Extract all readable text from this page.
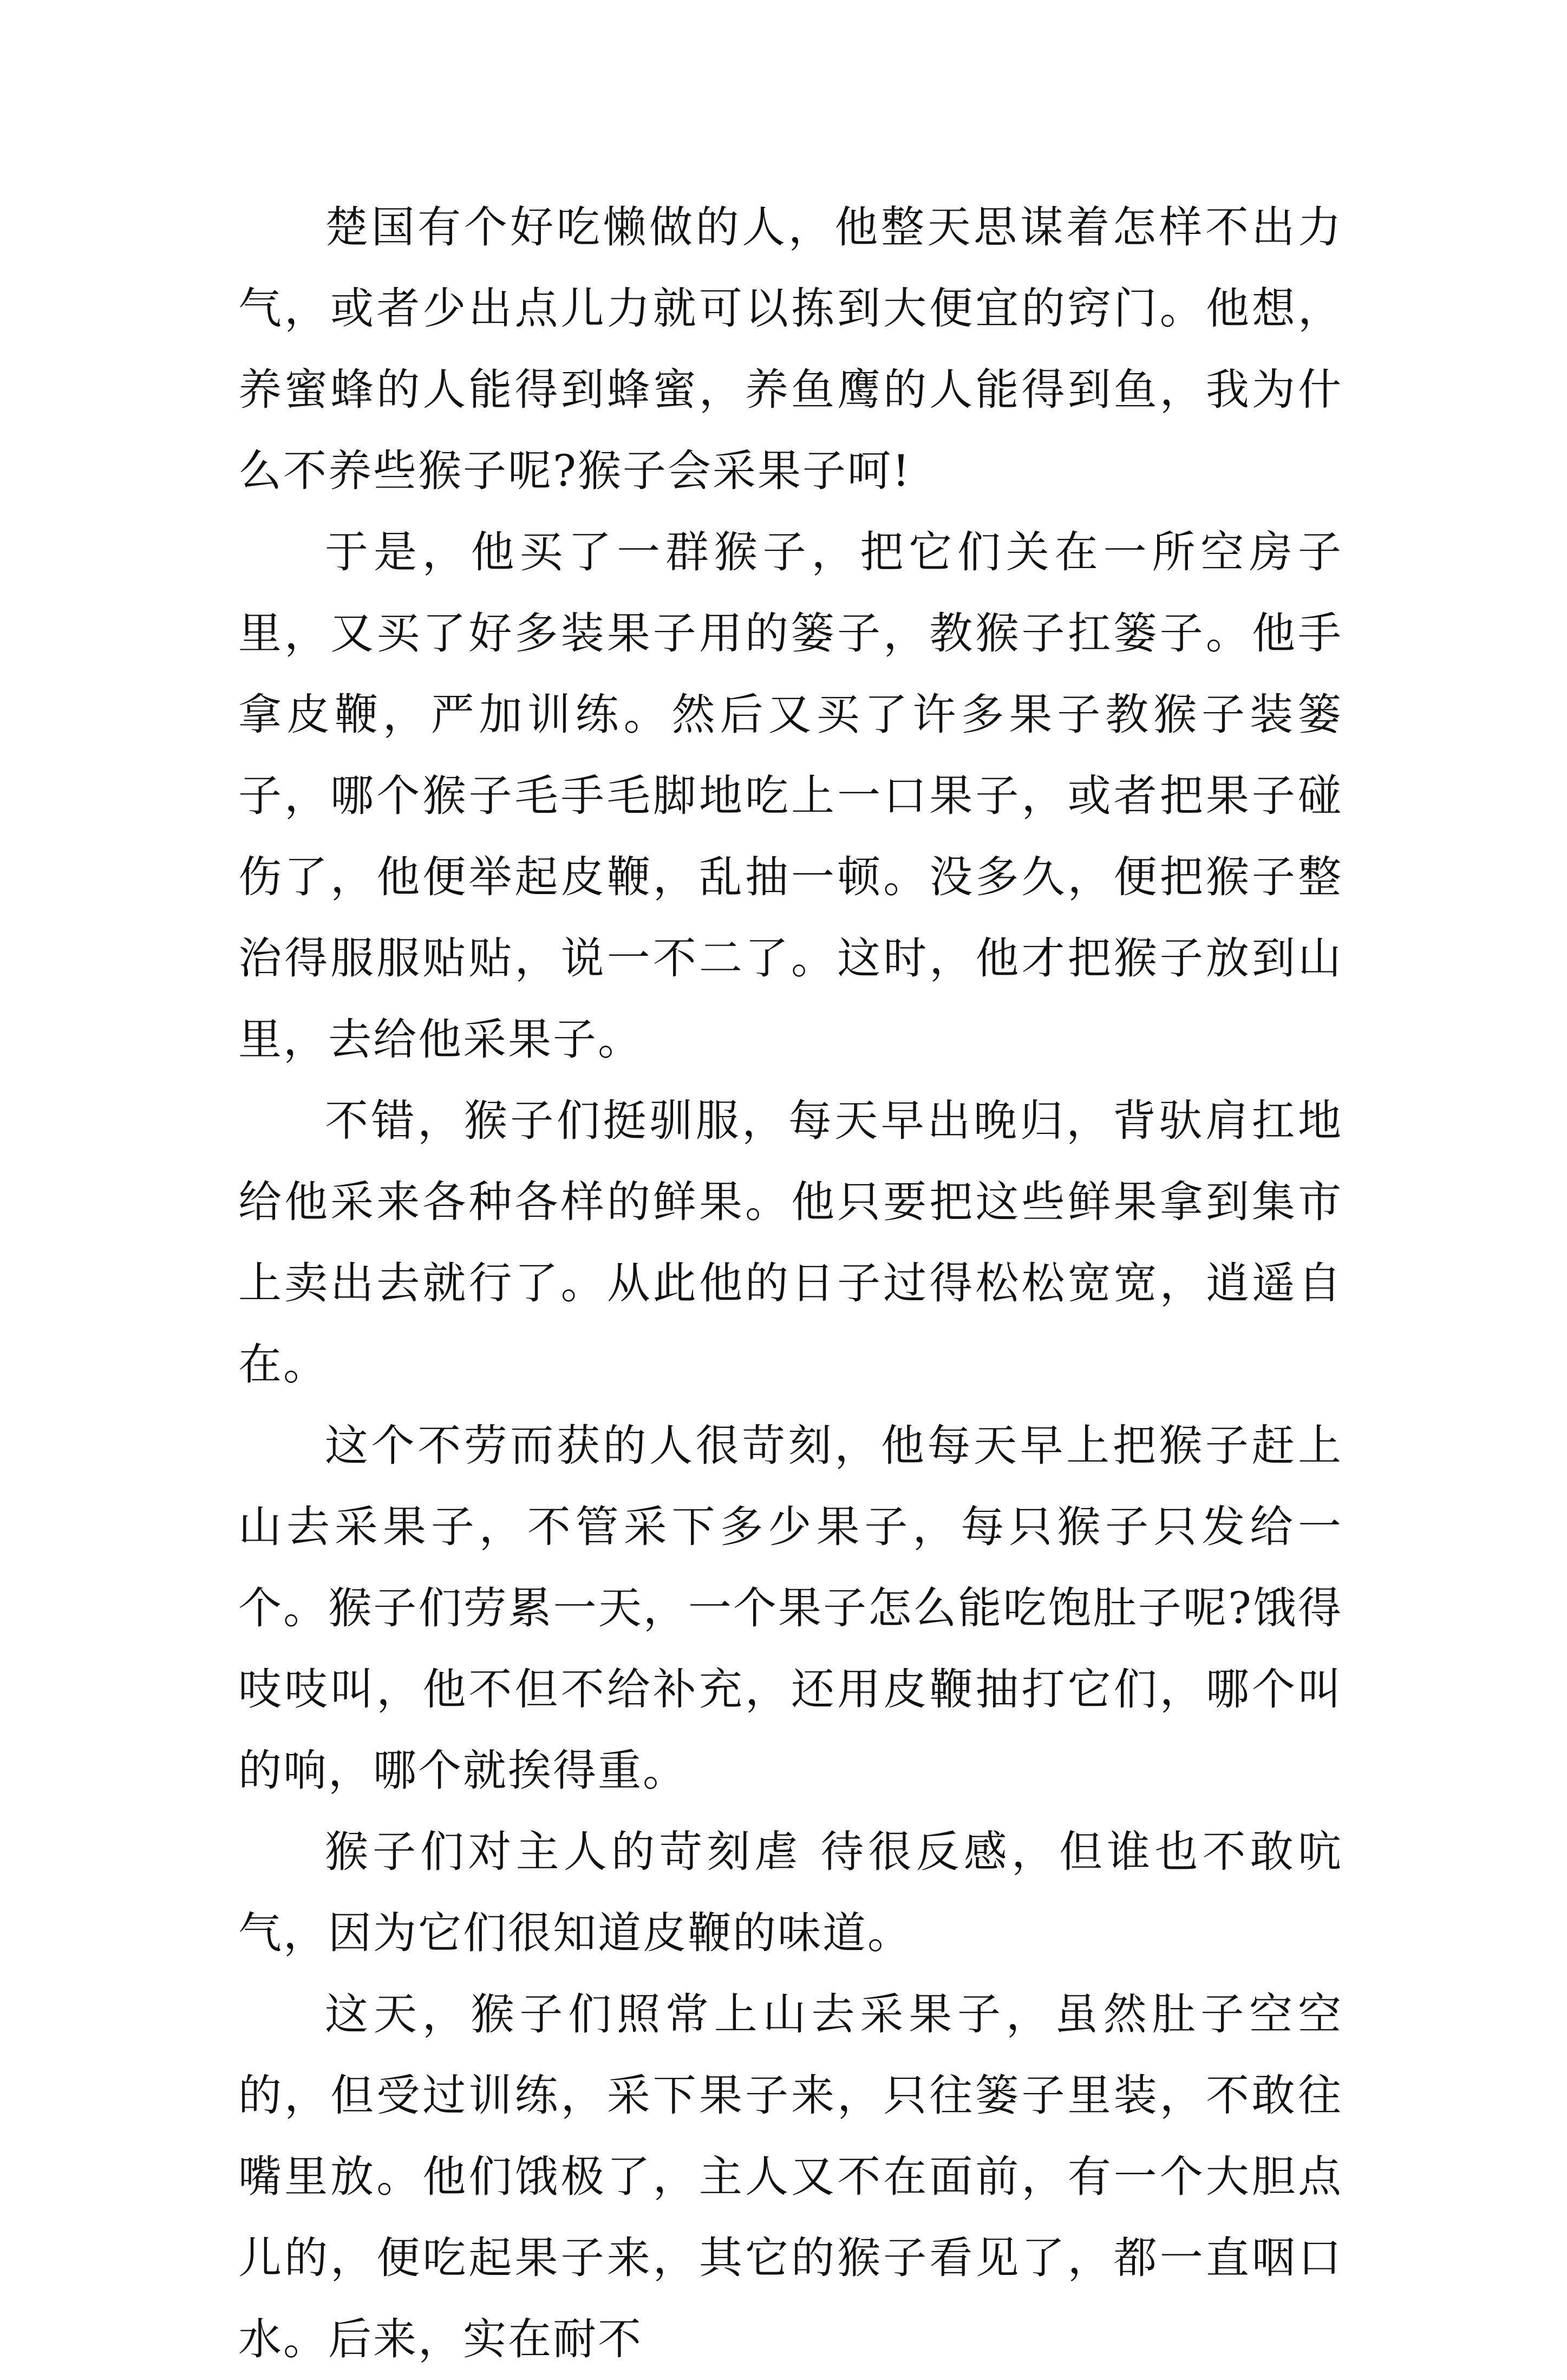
楚国有个好吃懒做的人，他整天思谋着怎样不出力气，或者少出点儿力就可以拣到大便宜的窍门。他想，养蜜蜂的人能得到蜂蜜，养鱼鹰的人能得到鱼，我为什么不养些猴子呢?猴子会采果子呵!

于是，他买了一群猴子，把它们关在一所空房子里，又买了好多装果子用的篓子，教猴子扛篓子。他手拿皮鞭，严加训练。然后又买了许多果子教猴子装篓子，哪个猴子毛手毛脚地吃上一口果子，或者把果子碰伤了，他便举起皮鞭，乱抽一顿。没多久，便把猴子整治得服服贴贴，说一不二了。这时，他才把猴子放到山里，去给他采果子。

不错，猴子们挺驯服，每天早出晚归，背驮肩扛地给他采来各种各样的鲜果。他只要把这些鲜果拿到集市上卖出去就行了。从此他的日子过得松松宽宽，逍遥自在。

这个不劳而获的人很苛刻，他每天早上把猴子赶上山去采果子，不管采下多少果子，每只猴子只发给一个。猴子们劳累一天，一个果子怎么能吃饱肚子呢?饿得吱吱叫，他不但不给补充，还用皮鞭抽打它们，哪个叫的响，哪个就挨得重。

猴子们对主人的苛刻虐 待很反感，但谁也不敢吭气，因为它们很知道皮鞭的味道。

这天，猴子们照常上山去采果子，虽然肚子空空的，但受过训练，采下果子来，只往篓子里装，不敢往嘴里放。他们饿极了，主人又不在面前，有一个大胆点儿的，便吃起果子来，其它的猴子看见了，都一直咽口水。后来，实在耐不
